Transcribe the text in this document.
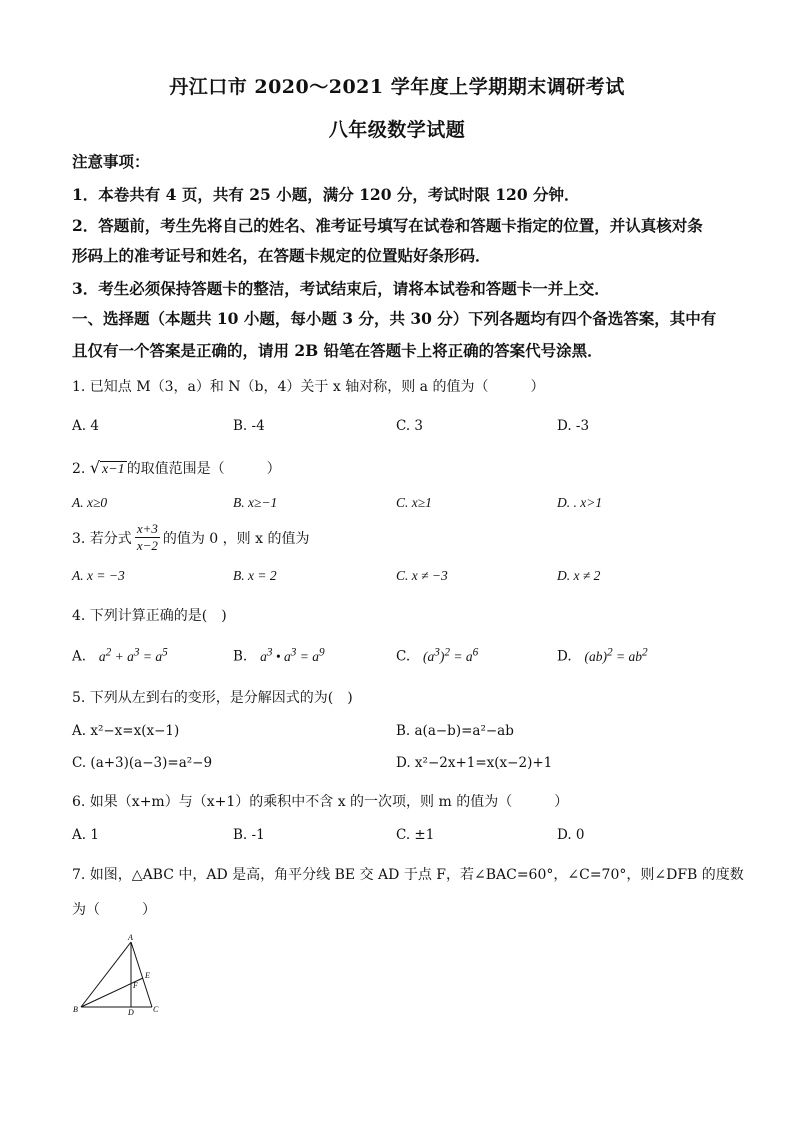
丹江口市 2020～2021 学年度上学期期末调研考试
八年级数学试题
注意事项：
1．本卷共有 4 页，共有 25 小题，满分 120 分，考试时限 120 分钟．
2．答题前，考生先将自己的姓名、准考证号填写在试卷和答题卡指定的位置，并认真核对条
形码上的准考证号和姓名，在答题卡规定的位置贴好条形码．
3．考生必须保持答题卡的整洁，考试结束后，请将本试卷和答题卡一并上交．
一、选择题（本题共 10 小题，每小题 3 分，共 30 分）下列各题均有四个备选答案，其中有
且仅有一个答案是正确的，请用 2B 铅笔在答题卡上将正确的答案代号涂黑．
1. 已知点 M（3，a）和 N（b，4）关于 x 轴对称，则 a 的值为（　　　）
A. 4	B. -4	C. 3	D. -3
2. √ x−1 的取值范围是（　　　）
A. x≥0	B. x≥−1	C. x≥1	D. . x>1
3. 若分式 $\frac{x+3}{x-2}$ 的值为 0 ，则 x 的值为
A. x = −3	B. x = 2	C. x ≠ −3	D. x ≠ 2
4. 下列计算正确的是(　)
A. $a^2 + a^3 = a^5$	B. $a^3$ • $a^3 = a^9$	C. $(a^3)^2 = a^6$	D. $(ab)^2 = ab^2$
5. 下列从左到右的变形，是分解因式的为(　)
A. x²−x=x(x−1)	B. a(a−b)=a²−ab
C. (a+3)(a−3)=a²−9	D. x²−2x+1=x(x−2)+1
6. 如果（x+m）与（x+1）的乘积中不含 x 的一次项，则 m 的值为（　　　）
A. 1	B. -1	C. ±1	D. 0
7. 如图，△ABC 中，AD 是高，角平分线 BE 交 AD 于点 F，若∠BAC=60°，∠C=70°，则∠DFB 的度数
为（　　　）
A
B	C
D
E
F
